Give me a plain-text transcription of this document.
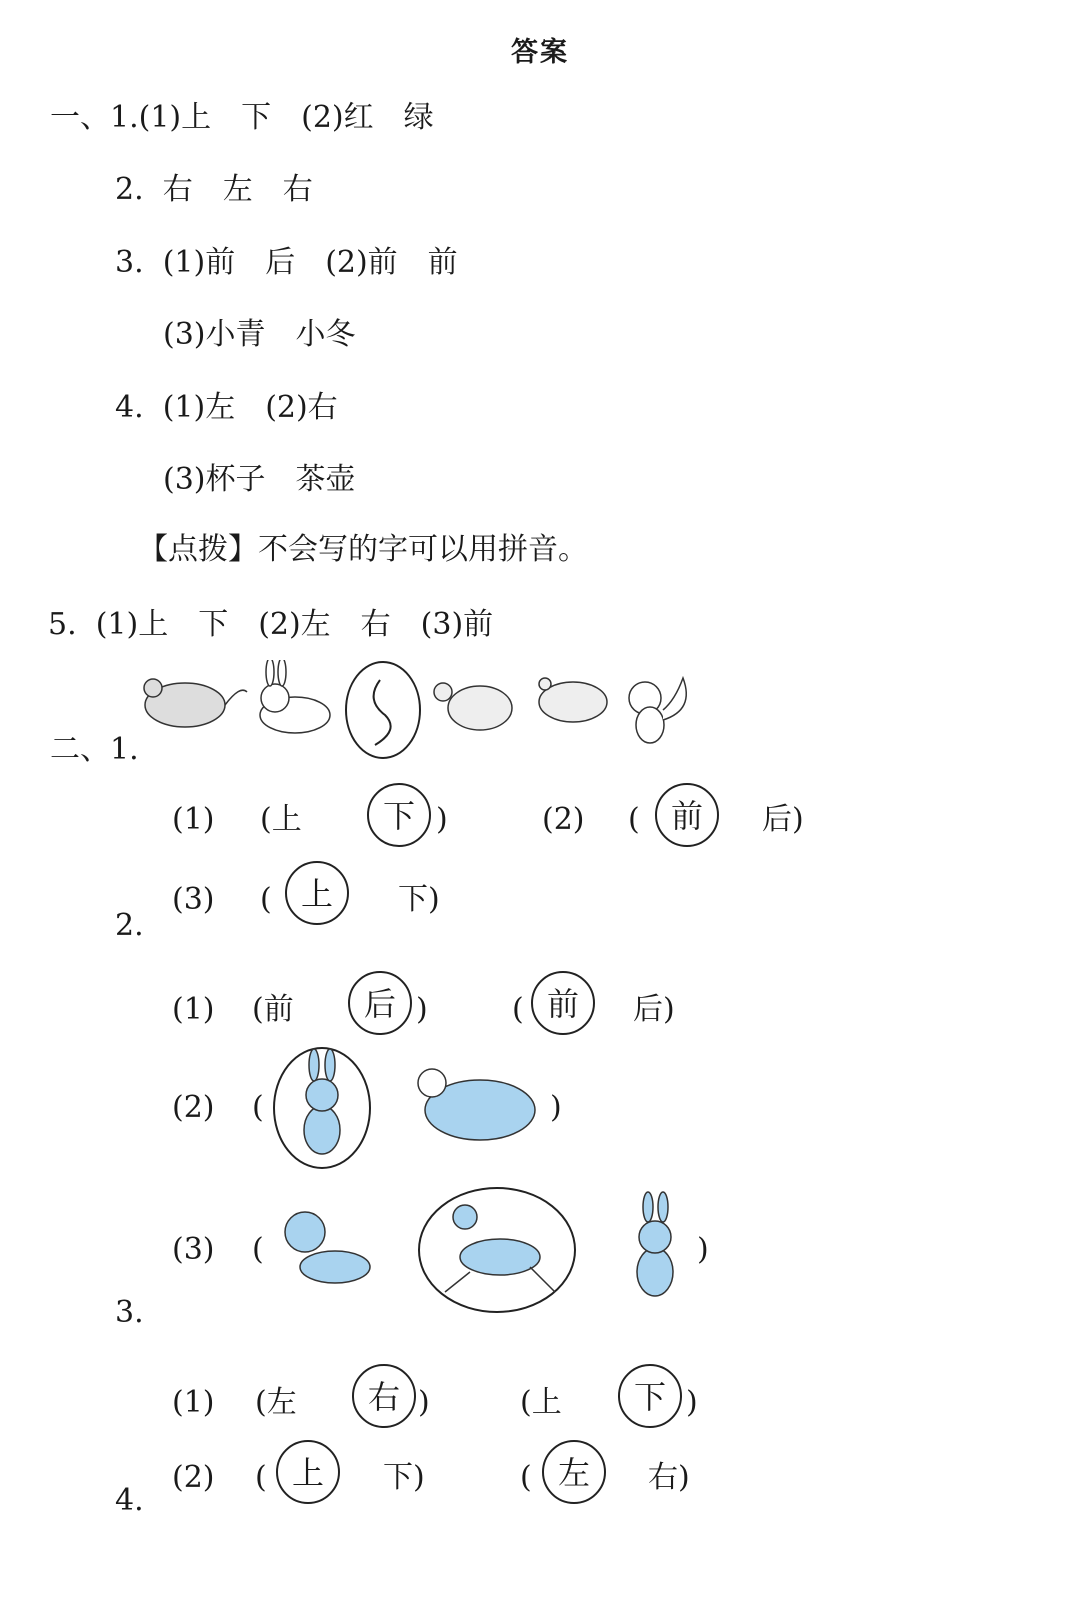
答案
一、1.(1)上　下　(2)红　绿
2.  右　左　右
3.  (1)前　后　(2)前　前
(3)小青　小冬
4.  (1)左　(2)右
(3)杯子　茶壶
【点拨】不会写的字可以用拼音。
5.  (1)上　下　(2)左　右　(3)前
二、1.
(1) (上	下 )	(2) ( 前	后)
(3) ( 上	下)
2.
(1) (前	后 )	( 前	后)
(2) (	)
(3) (	)
3.
(1) (左	右 )	(上	下 )
(2) ( 上	下)	( 左	右)
4.
